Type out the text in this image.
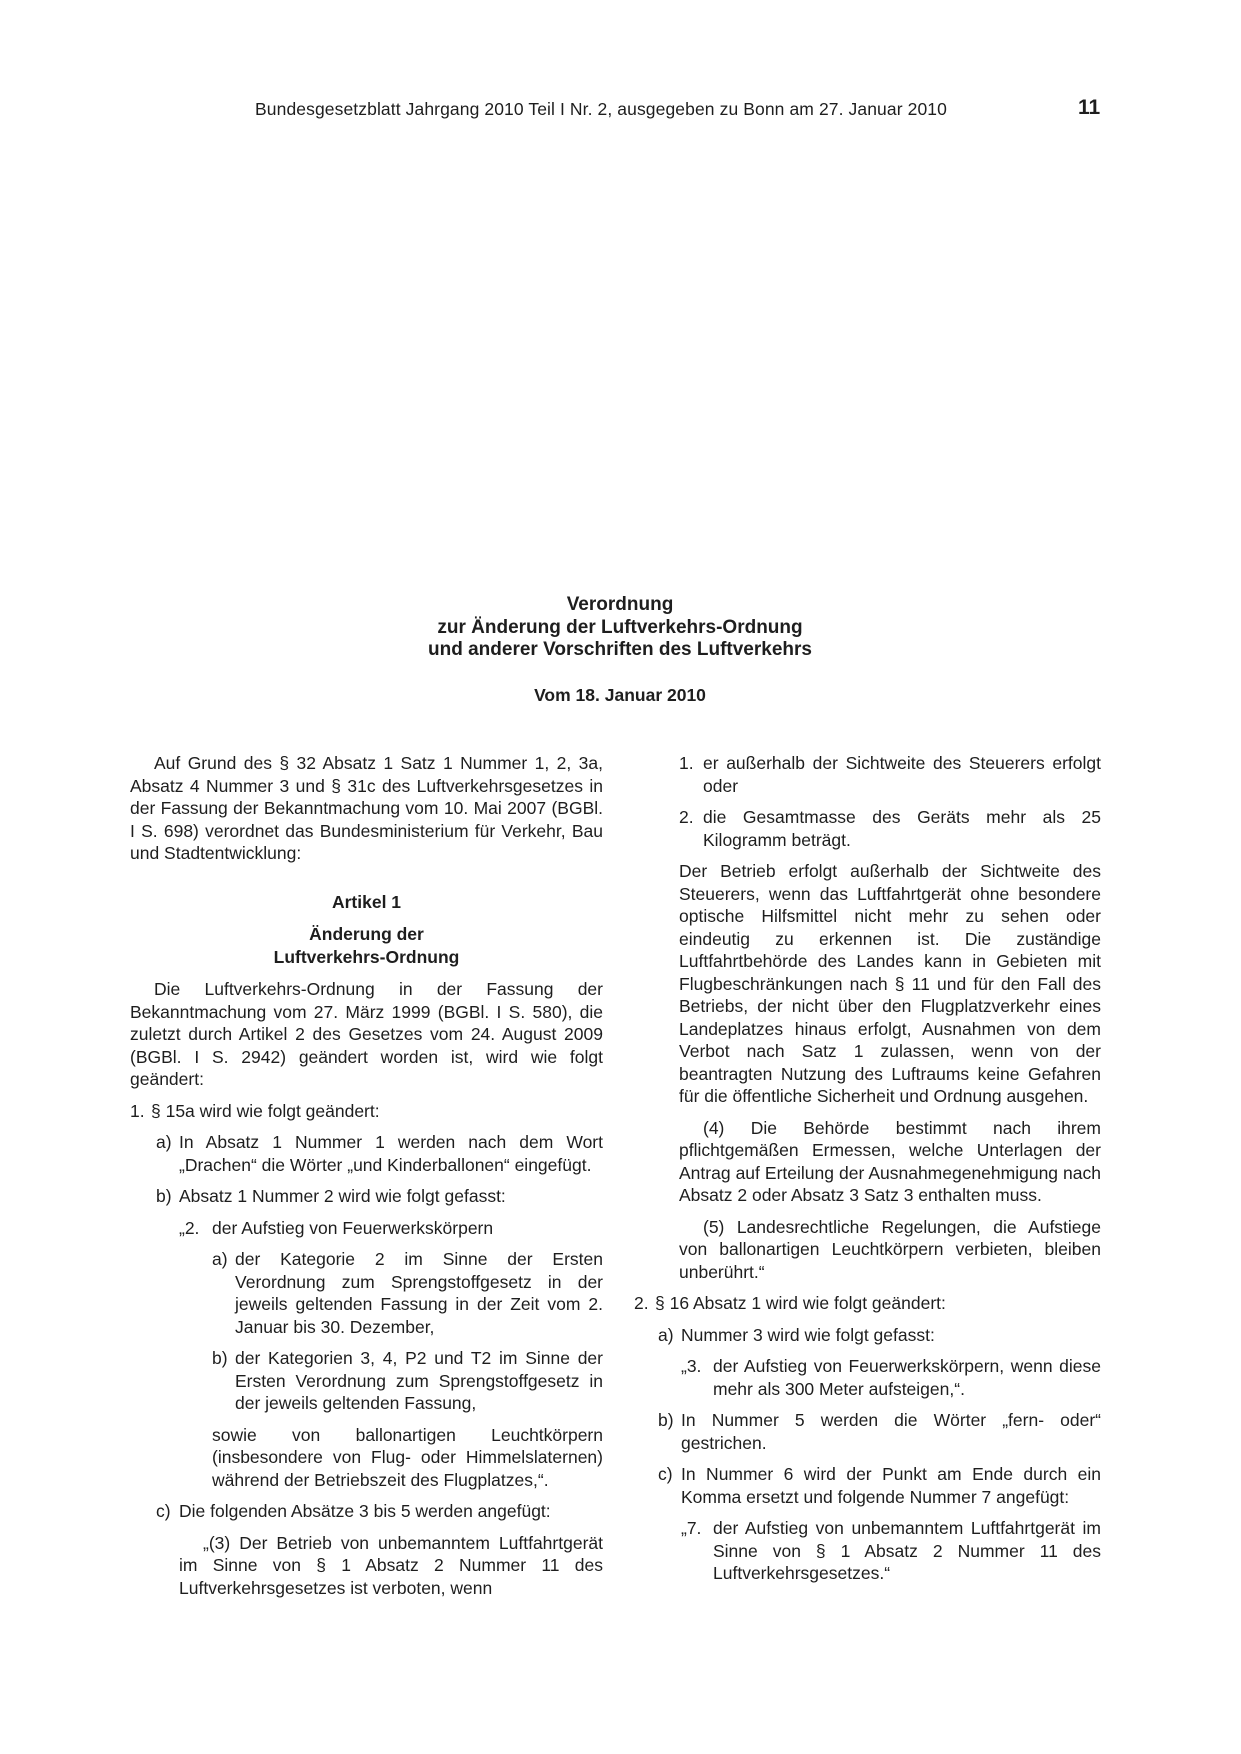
Bundesgesetzblatt Jahrgang 2010 Teil I Nr. 2, ausgegeben zu Bonn am 27. Januar 2010	11
Verordnung
zur Änderung der Luftverkehrs-Ordnung
und anderer Vorschriften des Luftverkehrs
Vom 18. Januar 2010

Auf Grund des § 32 Absatz 1 Satz 1 Nummer 1, 2, 3a, Absatz 4 Nummer 3 und § 31c des Luftverkehrsgesetzes in der Fassung der Bekanntmachung vom 10. Mai 2007 (BGBl. I S. 698) verordnet das Bundesministerium für Verkehr, Bau und Stadtentwicklung:

Artikel 1

Änderung der

Luftverkehrs-Ordnung

Die Luftverkehrs-Ordnung in der Fassung der Bekanntmachung vom 27. März 1999 (BGBl. I S. 580), die zuletzt durch Artikel 2 des Gesetzes vom 24. August 2009 (BGBl. I S. 2942) geändert worden ist, wird wie folgt geändert:

1. § 15a wird wie folgt geändert:
a) In Absatz 1 Nummer 1 werden nach dem Wort „Drachen“ die Wörter „und Kinderballonen“ eingefügt.
b) Absatz 1 Nummer 2 wird wie folgt gefasst:
„2. der Aufstieg von Feuerwerkskörpern
a) der Kategorie 2 im Sinne der Ersten Verordnung zum Sprengstoffgesetz in der jeweils geltenden Fassung in der Zeit vom 2. Januar bis 30. Dezember,
b) der Kategorien 3, 4, P2 und T2 im Sinne der Ersten Verordnung zum Sprengstoffgesetz in der jeweils geltenden Fassung,

sowie von ballonartigen Leuchtkörpern (insbesondere von Flug- oder Himmelslaternen) während der Betriebszeit des Flugplatzes,“.

c) Die folgenden Absätze 3 bis 5 werden angefügt:

„(3) Der Betrieb von unbemanntem Luftfahrtgerät im Sinne von § 1 Absatz 2 Nummer 11 des Luftverkehrsgesetzes ist verboten, wenn

1. er außerhalb der Sichtweite des Steuerers erfolgt oder
2. die Gesamtmasse des Geräts mehr als 25 Kilogramm beträgt.

Der Betrieb erfolgt außerhalb der Sichtweite des Steuerers, wenn das Luftfahrtgerät ohne besondere optische Hilfsmittel nicht mehr zu sehen oder eindeutig zu erkennen ist. Die zuständige Luftfahrtbehörde des Landes kann in Gebieten mit Flugbeschränkungen nach § 11 und für den Fall des Betriebs, der nicht über den Flugplatzverkehr eines Landeplatzes hinaus erfolgt, Ausnahmen von dem Verbot nach Satz 1 zulassen, wenn von der beantragten Nutzung des Luftraums keine Gefahren für die öffentliche Sicherheit und Ordnung ausgehen.

(4) Die Behörde bestimmt nach ihrem pflichtgemäßen Ermessen, welche Unterlagen der Antrag auf Erteilung der Ausnahmegenehmigung nach Absatz 2 oder Absatz 3 Satz 3 enthalten muss.

(5) Landesrechtliche Regelungen, die Aufstiege von ballonartigen Leuchtkörpern verbieten, bleiben unberührt.“

2. § 16 Absatz 1 wird wie folgt geändert:
a) Nummer 3 wird wie folgt gefasst:
„3. der Aufstieg von Feuerwerkskörpern, wenn diese mehr als 300 Meter aufsteigen,“.
b) In Nummer 5 werden die Wörter „fern- oder“ gestrichen.
c) In Nummer 6 wird der Punkt am Ende durch ein Komma ersetzt und folgende Nummer 7 angefügt:
„7. der Aufstieg von unbemanntem Luftfahrtgerät im Sinne von § 1 Absatz 2 Nummer 11 des Luftverkehrsgesetzes.“
